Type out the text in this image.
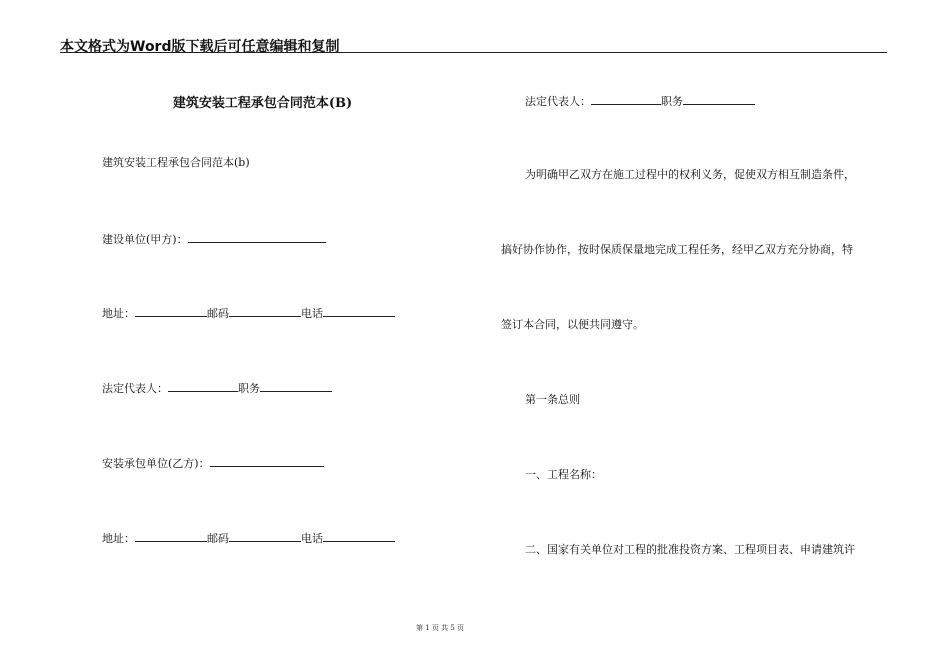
本文格式为Word版下载后可任意编辑和复制
建筑安装工程承包合同范本(B)
建筑安装工程承包合同范本(b)
建设单位(甲方)：
地址：	邮码	电话
法定代表人：	职务
安装承包单位(乙方)：
地址：	邮码	电话
法定代表人：	职务
为明确甲乙双方在施工过程中的权利义务，促使双方相互制造条件，
搞好协作协作，按时保质保量地完成工程任务，经甲乙双方充分协商，特
签订本合同，以便共同遵守。
第一条总则
一、工程名称：
二、国家有关单位对工程的批准投资方案、工程项目表、申请建筑许
第 1 页 共 5 页
